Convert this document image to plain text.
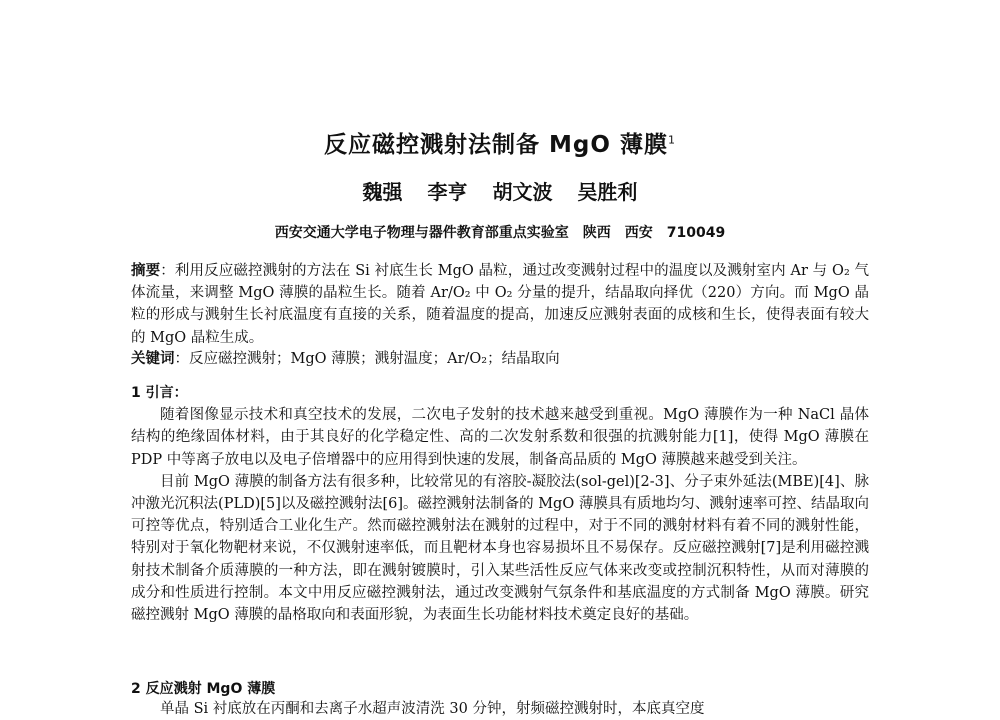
反应磁控溅射法制备 MgO 薄膜$^1$
魏强 李亨 胡文波 吴胜利
西安交通大学电子物理与器件教育部重点实验室　陕西　西安　710049
摘要：利用反应磁控溅射的方法在 Si 衬底生长 MgO 晶粒，通过改变溅射过程中的温度以及溅射室内 Ar 与 O₂ 气体流量，来调整 MgO 薄膜的晶粒生长。随着 Ar/O₂ 中 O₂ 分量的提升，结晶取向择优（220）方向。而 MgO 晶粒的形成与溅射生长衬底温度有直接的关系，随着温度的提高，加速反应溅射表面的成核和生长，使得表面有较大的 MgO 晶粒生成。
关键词：反应磁控溅射；MgO 薄膜；溅射温度；Ar/O₂；结晶取向
1 引言：

随着图像显示技术和真空技术的发展，二次电子发射的技术越来越受到重视。MgO 薄膜作为一种 NaCl 晶体结构的绝缘固体材料，由于其良好的化学稳定性、高的二次发射系数和很强的抗溅射能力[1]，使得 MgO 薄膜在 PDP 中等离子放电以及电子倍增器中的应用得到快速的发展，制备高品质的 MgO 薄膜越来越受到关注。

目前 MgO 薄膜的制备方法有很多种，比较常见的有溶胶-凝胶法(sol-gel)[2-3]、分子束外延法(MBE)[4]、脉冲激光沉积法(PLD)[5]以及磁控溅射法[6]。磁控溅射法制备的 MgO 薄膜具有质地均匀、溅射速率可控、结晶取向可控等优点，特别适合工业化生产。然而磁控溅射法在溅射的过程中，对于不同的溅射材料有着不同的溅射性能，特别对于氧化物靶材来说，不仅溅射速率低，而且靶材本身也容易损坏且不易保存。反应磁控溅射[7]是利用磁控溅射技术制备介质薄膜的一种方法，即在溅射镀膜时，引入某些活性反应气体来改变或控制沉积特性，从而对薄膜的成分和性质进行控制。本文中用反应磁控溅射法，通过改变溅射气氛条件和基底温度的方式制备 MgO 薄膜。研究磁控溅射 MgO 薄膜的晶格取向和表面形貌，为表面生长功能材料技术奠定良好的基础。

2 反应溅射 MgO 薄膜

单晶 Si 衬底放在丙酮和去离子水超声波清洗 30 分钟，射频磁控溅射时，本底真空度
